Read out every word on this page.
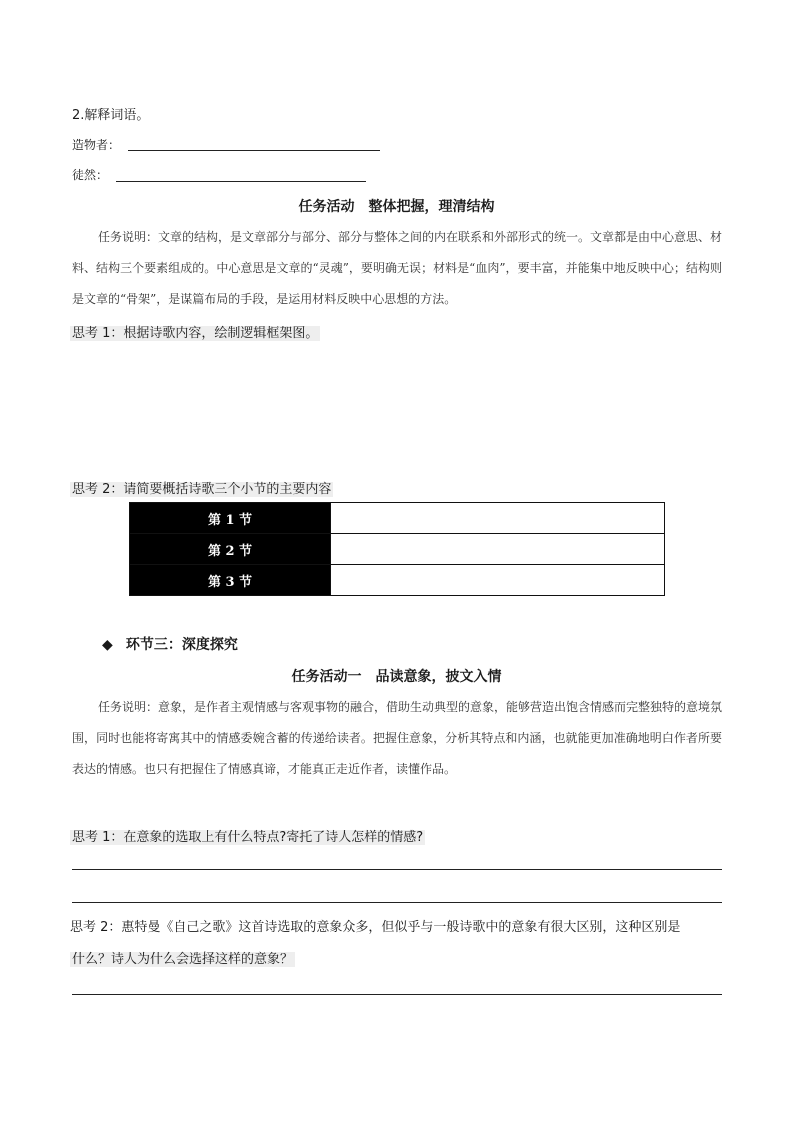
2.解释词语。
造物者：
徒然：
任务活动　整体把握，理清结构
任务说明：文章的结构，是文章部分与部分、部分与整体之间的内在联系和外部形式的统一。文章都是由中心意思、材料、结构三个要素组成的。中心意思是文章的“灵魂”，要明确无误；材料是“血肉”，要丰富，并能集中地反映中心；结构则是文章的“骨架”，是谋篇布局的手段，是运用材料反映中心思想的方法。
思考 1：根据诗歌内容，绘制逻辑框架图。
思考 2：请简要概括诗歌三个小节的主要内容
第 1 节	
第 2 节	
第 3 节	
◆ 环节三：深度探究
任务活动一　品读意象，披文入情
任务说明：意象，是作者主观情感与客观事物的融合，借助生动典型的意象，能够营造出饱含情感而完整独特的意境氛围，同时也能将寄寓其中的情感委婉含蓄的传递给读者。把握住意象，分析其特点和内涵，也就能更加准确地明白作者所要表达的情感。也只有把握住了情感真谛，才能真正走近作者，读懂作品。
思考 1：在意象的选取上有什么特点?寄托了诗人怎样的情感?
思考 2：惠特曼《自己之歌》这首诗选取的意象众多，但似乎与一般诗歌中的意象有很大区别，这种区别是
什么？诗人为什么会选择这样的意象？
